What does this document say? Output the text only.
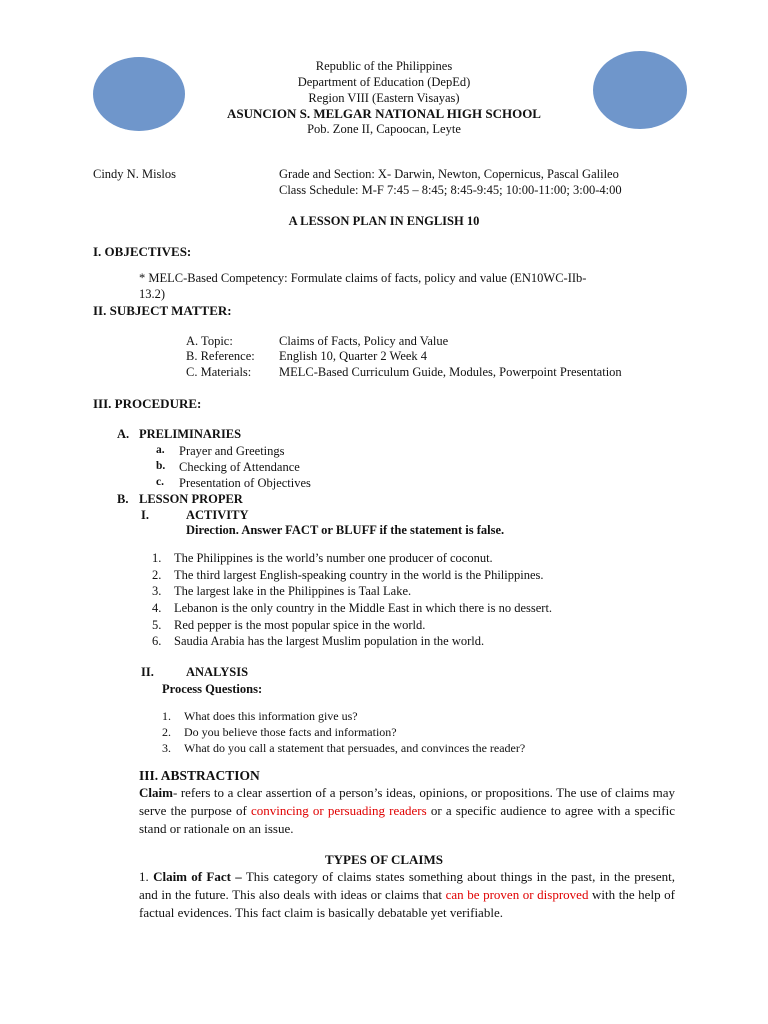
Republic of the Philippines
Department of Education (DepEd)
Region VIII (Eastern Visayas)
ASUNCION S. MELGAR NATIONAL HIGH SCHOOL
Pob. Zone II, Capoocan, Leyte
Cindy N. Mislos	Grade and Section: X- Darwin, Newton, Copernicus, Pascal Galileo
Class Schedule: M-F 7:45 – 8:45; 8:45-9:45; 10:00-11:00; 3:00-4:00
A LESSON PLAN IN ENGLISH 10
I. OBJECTIVES:
* MELC-Based Competency: Formulate claims of facts, policy and value (EN10WC-IIb-
13.2)
II. SUBJECT MATTER:
A. Topic:	Claims of Facts, Policy and Value
B. Reference: English 10, Quarter 2 Week 4
C. Materials: MELC-Based Curriculum Guide, Modules, Powerpoint Presentation
III. PROCEDURE:
A. PRELIMINARIES
a. Prayer and Greetings
b. Checking of Attendance
c. Presentation of Objectives
B. LESSON PROPER
I.	ACTIVITY
Direction. Answer FACT or BLUFF if the statement is false.
1. The Philippines is the world’s number one producer of coconut.
2. The third largest English-speaking country in the world is the Philippines.
3. The largest lake in the Philippines is Taal Lake.
4. Lebanon is the only country in the Middle East in which there is no dessert.
5. Red pepper is the most popular spice in the world.
6. Saudia Arabia has the largest Muslim population in the world.
II.	ANALYSIS
Process Questions:
1. What does this information give us?
2. Do you believe those facts and information?
3. What do you call a statement that persuades, and convinces the reader?
III. ABSTRACTION
Claim- refers to a clear assertion of a person’s ideas, opinions, or propositions. The use of claims may serve the purpose of convincing or persuading readers or a specific audience to agree with a specific stand or rationale on an issue.
TYPES OF CLAIMS
1. Claim of Fact – This category of claims states something about things in the past, in the present, and in the future. This also deals with ideas or claims that can be proven or disproved with the help of factual evidences. This fact claim is basically debatable yet verifiable.
